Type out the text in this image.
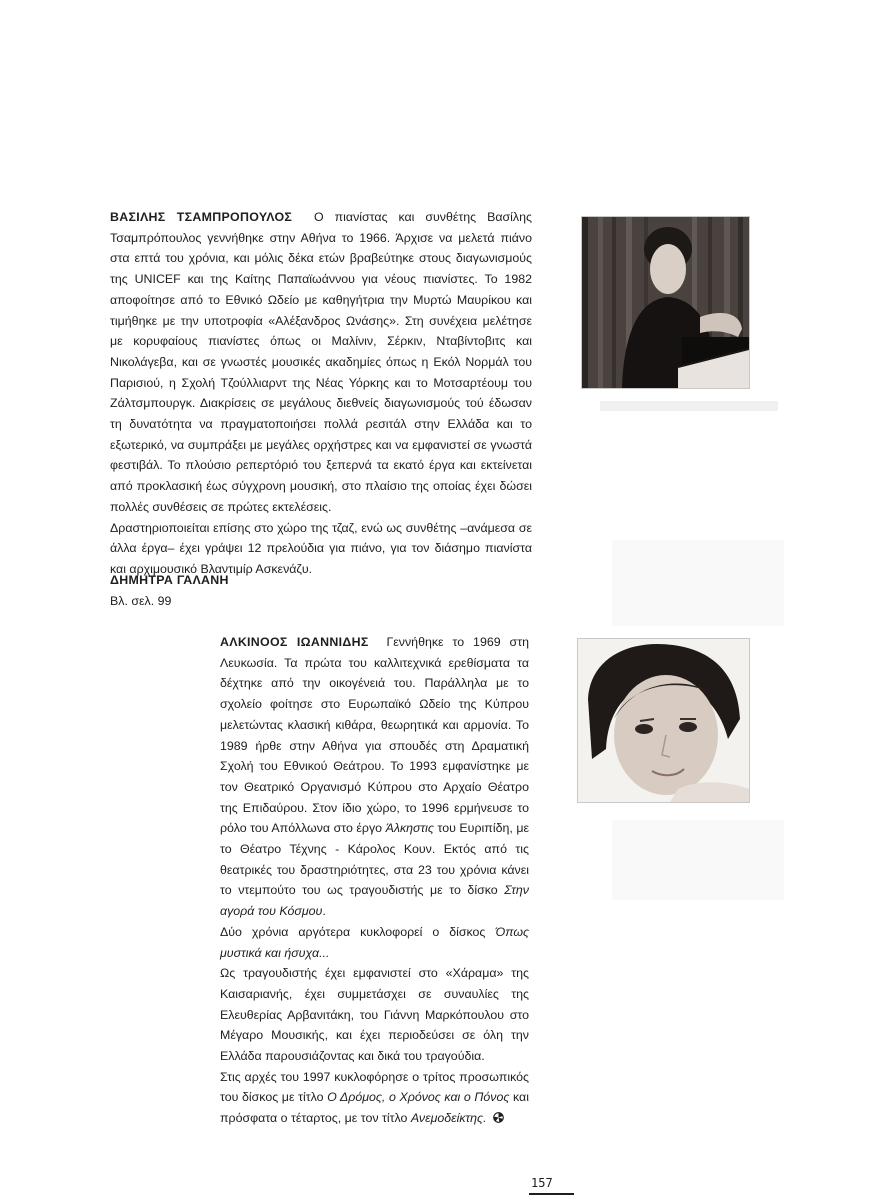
ΒΑΣΙΛΗΣ ΤΣΑΜΠΡΟΠΟΥΛΟΣ Ο πιανίστας και συνθέτης Βασίλης Τσαμπρόπουλος γεννήθηκε στην Αθήνα το 1966. Άρχισε να μελετά πιάνο στα επτά του χρόνια, και μόλις δέκα ετών βραβεύτηκε στους διαγωνισμούς της UNICEF και της Καίτης Παπαϊωάννου για νέους πιανίστες. Το 1982 αποφοίτησε από το Εθνικό Ωδείο με καθηγήτρια την Μυρτώ Μαυρίκου και τιμήθηκε με την υποτροφία «Αλέξανδρος Ωνάσης». Στη συνέχεια μελέτησε με κορυφαίους πιανίστες όπως οι Μαλίνιν, Σέρκιν, Νταβίντοβιτς και Νικολάγεβα, και σε γνωστές μουσικές ακαδημίες όπως η Εκόλ Νορμάλ του Παρισιού, η Σχολή Τζούλλιαρντ της Νέας Υόρκης και το Μοτσαρτέουμ του Ζάλτσμπουργκ. Διακρίσεις σε μεγάλους διεθνείς διαγωνισμούς τού έδωσαν τη δυνατότητα να πραγματοποιήσει πολλά ρεσιτάλ στην Ελλάδα και το εξωτερικό, να συμπράξει με μεγάλες ορχήστρες και να εμφανιστεί σε γνωστά φεστιβάλ. Το πλούσιο ρεπερτόριό του ξεπερνά τα εκατό έργα και εκτείνεται από προκλασική έως σύγχρονη μουσική, στο πλαίσιο της οποίας έχει δώσει πολλές συνθέσεις σε πρώτες εκτελέσεις.

Δραστηριοποιείται επίσης στο χώρο της τζαζ, ενώ ως συνθέτης –ανάμεσα σε άλλα έργα– έχει γράψει 12 πρελούδια για πιάνο, για τον διάσημο πιανίστα και αρχιμουσικό Βλαντιμίρ Ασκενάζυ.

ΔΗΜΗΤΡΑ ΓΑΛΑΝΗ
Βλ. σελ. 99

ΑΛΚΙΝΟΟΣ ΙΩΑΝΝΙΔΗΣ Γεννήθηκε το 1969 στη Λευκωσία. Τα πρώτα του καλλιτεχνικά ερεθίσματα τα δέχτηκε από την οικογένειά του. Παράλληλα με το σχολείο φοίτησε στο Ευρωπαϊκό Ωδείο της Κύπρου μελετώντας κλασική κιθάρα, θεωρητικά και αρμονία. Το 1989 ήρθε στην Αθήνα για σπουδές στη Δραματική Σχολή του Εθνικού Θεάτρου. Το 1993 εμφανίστηκε με τον Θεατρικό Οργανισμό Κύπρου στο Αρχαίο Θέατρο της Επιδαύρου. Στον ίδιο χώρο, το 1996 ερμήνευσε το ρόλο του Απόλλωνα στο έργο Άλκηστις του Ευριπίδη, με το Θέατρο Τέχνης - Κάρολος Κουν. Εκτός από τις θεατρικές του δραστηριότητες, στα 23 του χρόνια κάνει το ντεμπούτο του ως τραγουδιστής με το δίσκο Στην αγορά του Κόσμου.

Δύο χρόνια αργότερα κυκλοφορεί ο δίσκος Όπως μυστικά και ήσυχα...

Ως τραγουδιστής έχει εμφανιστεί στο «Χάραμα» της Καισαριανής, έχει συμμετάσχει σε συναυλίες της Ελευθερίας Αρβανιτάκη, του Γιάννη Μαρκόπουλου στο Μέγαρο Μουσικής, και έχει περιοδεύσει σε όλη την Ελλάδα παρουσιάζοντας και δικά του τραγούδια.

Στις αρχές του 1997 κυκλοφόρησε ο τρίτος προσωπικός του δίσκος με τίτλο Ο Δρόμος, ο Χρόνος και ο Πόνος και πρόσφατα ο τέταρτος, με τον τίτλο Ανεμοδείκτης.

157
